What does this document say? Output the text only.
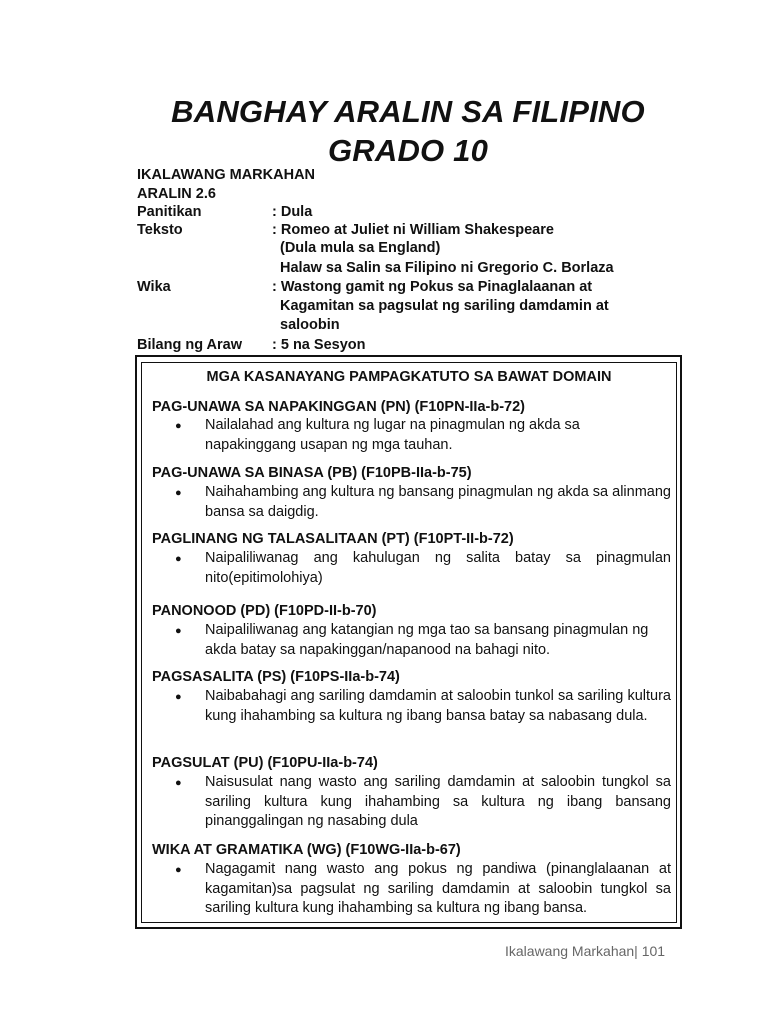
BANGHAY ARALIN SA FILIPINO
GRADO 10
IKALAWANG MARKAHAN
ARALIN 2.6
Panitikan	: Dula
Teksto	: Romeo at Juliet ni William Shakespeare
(Dula mula sa England)
Halaw sa Salin sa Filipino ni Gregorio C. Borlaza
Wika	: Wastong gamit ng Pokus sa Pinaglalaanan at
Kagamitan sa pagsulat ng sariling damdamin at
saloobin
Bilang ng Araw : 5 na Sesyon
MGA KASANAYANG PAMPAGKATUTO SA BAWAT DOMAIN
PAG-UNAWA SA NAPAKINGGAN (PN) (F10PN-IIa-b-72)
● Nailalahad ang kultura ng lugar na pinagmulan ng akda sa napakinggang usapan ng mga tauhan.
PAG-UNAWA SA BINASA (PB) (F10PB-IIa-b-75)
● Naihahambing ang kultura ng bansang pinagmulan ng akda sa alinmang bansa sa daigdig.
PAGLINANG NG TALASALITAAN (PT) (F10PT-II-b-72)
● Naipaliliwanag ang kahulugan ng salita batay sa pinagmulan nito(epitimolohiya)
PANONOOD (PD) (F10PD-II-b-70)
● Naipaliliwanag ang katangian ng mga tao sa bansang pinagmulan ng akda batay sa napakinggan/napanood na bahagi nito.
PAGSASALITA (PS) (F10PS-IIa-b-74)
● Naibabahagi ang sariling damdamin at saloobin tunkol sa sariling kultura kung ihahambing sa kultura ng ibang bansa batay sa nabasang dula.
PAGSULAT (PU) (F10PU-IIa-b-74)
● Naisusulat nang wasto ang sariling damdamin at saloobin tungkol sa sariling kultura kung ihahambing sa kultura ng ibang bansang pinanggalingan ng nasabing dula
WIKA AT GRAMATIKA (WG) (F10WG-IIa-b-67)
● Nagagamit nang wasto ang pokus ng pandiwa (pinanglalaanan at kagamitan)sa pagsulat ng sariling damdamin at saloobin tungkol sa sariling kultura kung ihahambing sa kultura ng ibang bansa.
Ikalawang Markahan| 101
